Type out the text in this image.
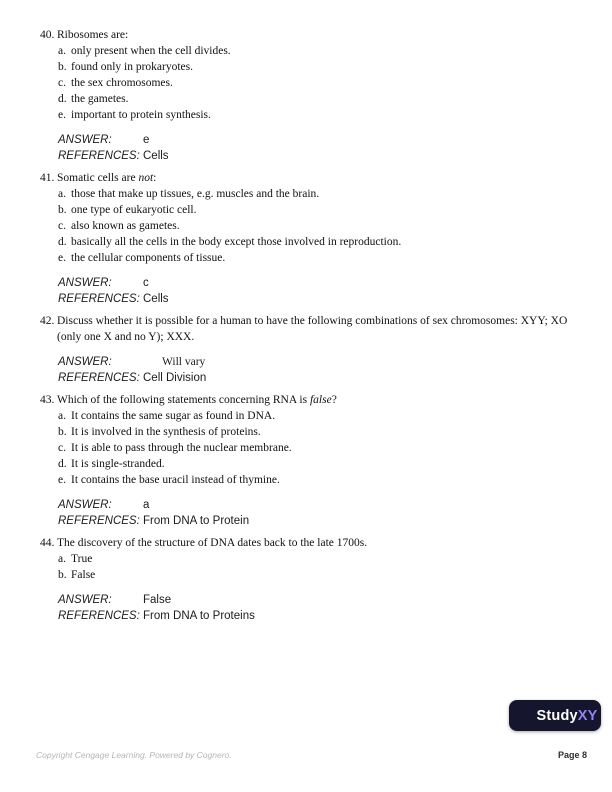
40. Ribosomes are:
a. only present when the cell divides.
b. found only in prokaryotes.
c. the sex chromosomes.
d. the gametes.
e. important to protein synthesis.
ANSWER:	e
REFERENCES: Cells
41. Somatic cells are not:
a. those that make up tissues, e.g. muscles and the brain.
b. one type of eukaryotic cell.
c. also known as gametes.
d. basically all the cells in the body except those involved in reproduction.
e. the cellular components of tissue.
ANSWER:	c
REFERENCES: Cells
42. Discuss whether it is possible for a human to have the following combinations of sex chromosomes: XYY; XO (only one X and no Y); XXX.
ANSWER:	Will vary
REFERENCES: Cell Division
43. Which of the following statements concerning RNA is false?
a. It contains the same sugar as found in DNA.
b. It is involved in the synthesis of proteins.
c. It is able to pass through the nuclear membrane.
d. It is single-stranded.
e. It contains the base uracil instead of thymine.
ANSWER:	a
REFERENCES: From DNA to Protein
44. The discovery of the structure of DNA dates back to the late 1700s.
a. True
b. False
ANSWER:	False
REFERENCES: From DNA to Proteins
StudyXY
Copyright Cengage Learning. Powered by Cognero.	Page 8
